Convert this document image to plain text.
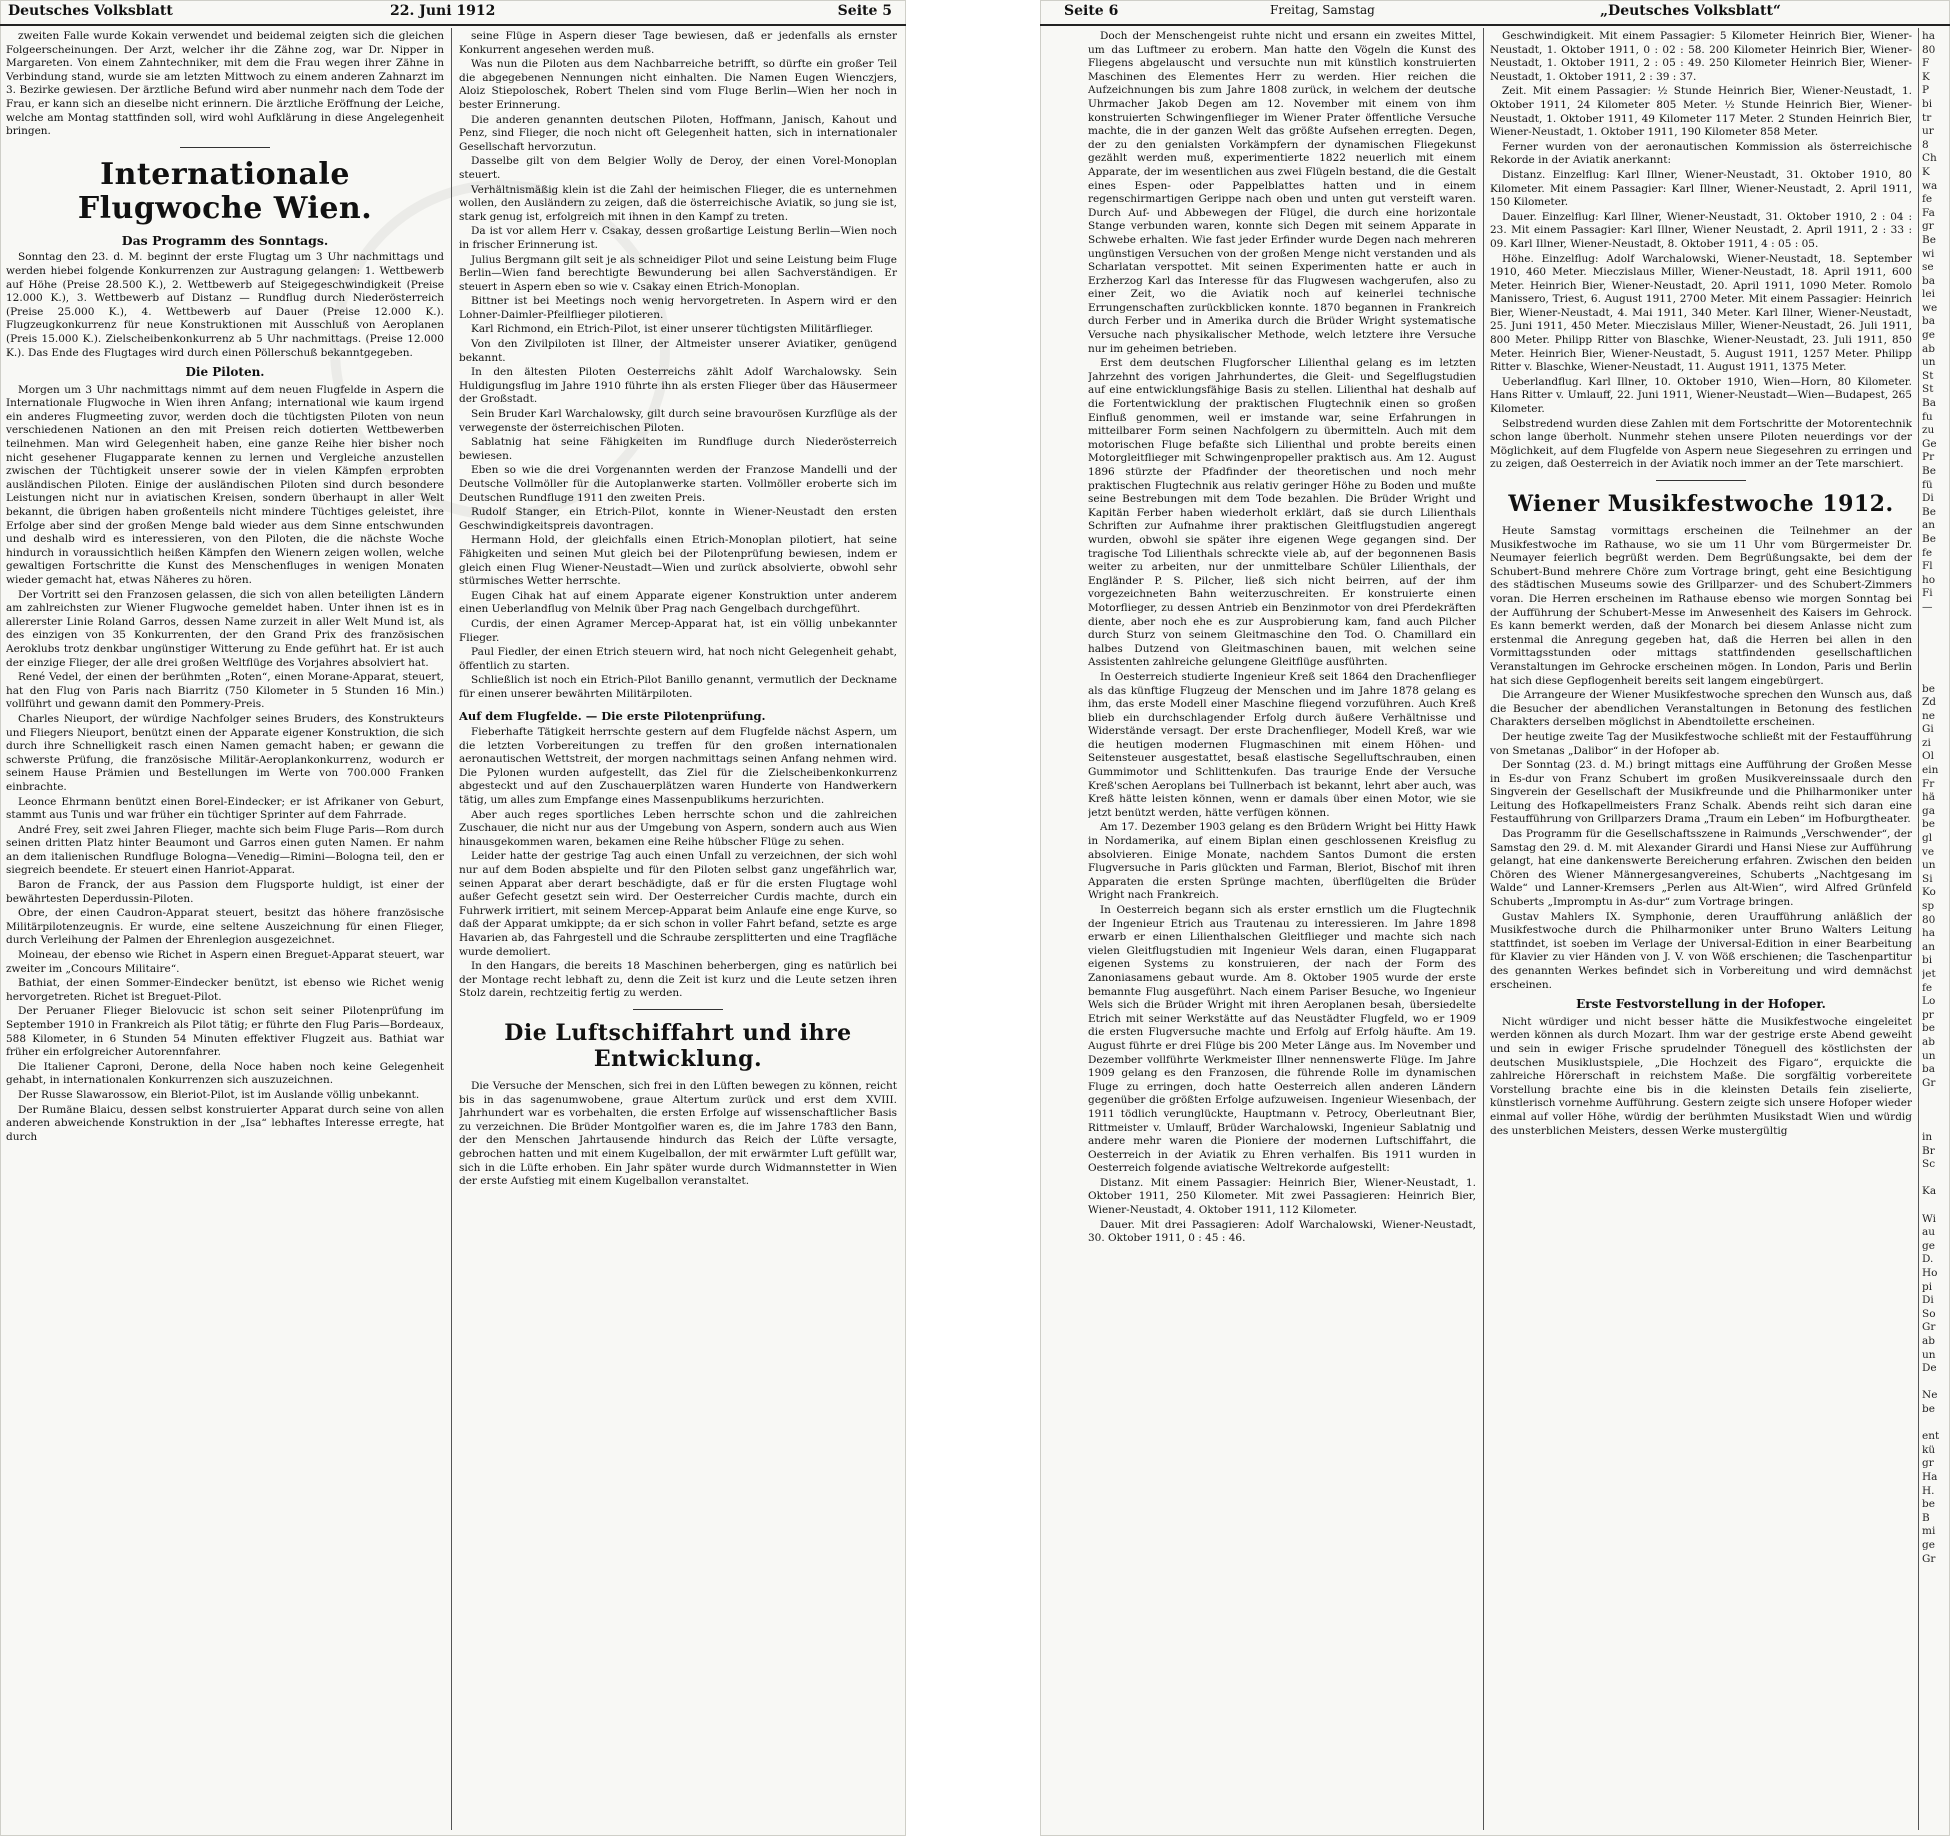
Deutsches Volksblatt	22. Juni 1912	Seite 5

zweiten Falle wurde Kokain verwendet und beidemal zeigten sich die gleichen Folgeerscheinungen. Der Arzt, welcher ihr die Zähne zog, war Dr. Nipper in Margareten. Von einem Zahntechniker, mit dem die Frau wegen ihrer Zähne in Verbindung stand, wurde sie am letzten Mittwoch zu einem anderen Zahnarzt im 3. Bezirke gewiesen. Der ärztliche Befund wird aber nunmehr nach dem Tode der Frau, er kann sich an dieselbe nicht erinnern. Die ärztliche Eröffnung der Leiche, welche am Montag stattfinden soll, wird wohl Aufklärung in diese Angelegenheit bringen.

Internationale Flugwoche Wien.
Das Programm des Sonntags.

Sonntag den 23. d. M. beginnt der erste Flugtag um 3 Uhr nachmittags und werden hiebei folgende Konkurrenzen zur Austragung gelangen: 1. Wettbewerb auf Höhe (Preise 28.500 K.), 2. Wettbewerb auf Steigegeschwindigkeit (Preise 12.000 K.), 3. Wettbewerb auf Distanz — Rundflug durch Niederösterreich (Preise 25.000 K.), 4. Wettbewerb auf Dauer (Preise 12.000 K.). Flugzeugkonkurrenz für neue Konstruktionen mit Ausschluß von Aeroplanen (Preis 15.000 K.). Zielscheibenkonkurrenz ab 5 Uhr nachmittags. (Preise 12.000 K.). Das Ende des Flugtages wird durch einen Pöllerschuß bekanntgegeben.

Die Piloten.

Morgen um 3 Uhr nachmittags nimmt auf dem neuen Flugfelde in Aspern die Internationale Flugwoche in Wien ihren Anfang; international wie kaum irgend ein anderes Flugmeeting zuvor, werden doch die tüchtigsten Piloten von neun verschiedenen Nationen an den mit Preisen reich dotierten Wettbewerben teilnehmen. Man wird Gelegenheit haben, eine ganze Reihe hier bisher noch nicht gesehener Flugapparate kennen zu lernen und Vergleiche anzustellen zwischen der Tüchtigkeit unserer sowie der in vielen Kämpfen erprobten ausländischen Piloten. Einige der ausländischen Piloten sind durch besondere Leistungen nicht nur in aviatischen Kreisen, sondern überhaupt in aller Welt bekannt, die übrigen haben großenteils nicht mindere Tüchtiges geleistet, ihre Erfolge aber sind der großen Menge bald wieder aus dem Sinne entschwunden und deshalb wird es interessieren, von den Piloten, die die nächste Woche hindurch in voraussichtlich heißen Kämpfen den Wienern zeigen wollen, welche gewaltigen Fortschritte die Kunst des Menschenfluges in wenigen Monaten wieder gemacht hat, etwas Näheres zu hören.

Der Vortritt sei den Franzosen gelassen, die sich von allen beteiligten Ländern am zahlreichsten zur Wiener Flugwoche gemeldet haben. Unter ihnen ist es in allererster Linie Roland Garros, dessen Name zurzeit in aller Welt Mund ist, als des einzigen von 35 Konkurrenten, der den Grand Prix des französischen Aeroklubs trotz denkbar ungünstiger Witterung zu Ende geführt hat. Er ist auch der einzige Flieger, der alle drei großen Weltflüge des Vorjahres absolviert hat.

René Vedel, der einen der berühmten „Roten“, einen Morane-Apparat, steuert, hat den Flug von Paris nach Biarritz (750 Kilometer in 5 Stunden 16 Min.) vollführt und gewann damit den Pommery-Preis.

Charles Nieuport, der würdige Nachfolger seines Bruders, des Konstrukteurs und Fliegers Nieuport, benützt einen der Apparate eigener Konstruktion, die sich durch ihre Schnelligkeit rasch einen Namen gemacht haben; er gewann die schwerste Prüfung, die französische Militär-Aeroplankonkurrenz, wodurch er seinem Hause Prämien und Bestellungen im Werte von 700.000 Franken einbrachte.

Leonce Ehrmann benützt einen Borel-Eindecker; er ist Afrikaner von Geburt, stammt aus Tunis und war früher ein tüchtiger Sprinter auf dem Fahrrade.

André Frey, seit zwei Jahren Flieger, machte sich beim Fluge Paris—Rom durch seinen dritten Platz hinter Beaumont und Garros einen guten Namen. Er nahm an dem italienischen Rundfluge Bologna—Venedig—Rimini—Bologna teil, den er siegreich beendete. Er steuert einen Hanriot-Apparat.

Baron de Franck, der aus Passion dem Flugsporte huldigt, ist einer der bewährtesten Deperdussin-Piloten.

Obre, der einen Caudron-Apparat steuert, besitzt das höhere französische Militärpilotenzeugnis. Er wurde, eine seltene Auszeichnung für einen Flieger, durch Verleihung der Palmen der Ehrenlegion ausgezeichnet.

Moineau, der ebenso wie Richet in Aspern einen Breguet-Apparat steuert, war zweiter im „Concours Militaire“.

Bathiat, der einen Sommer-Eindecker benützt, ist ebenso wie Richet wenig hervorgetreten. Richet ist Breguet-Pilot.

Der Peruaner Flieger Bielovucic ist schon seit seiner Pilotenprüfung im September 1910 in Frankreich als Pilot tätig; er führte den Flug Paris—Bordeaux, 588 Kilometer, in 6 Stunden 54 Minuten effektiver Flugzeit aus. Bathiat war früher ein erfolgreicher Autorennfahrer.

Die Italiener Caproni, Derone, della Noce haben noch keine Gelegenheit gehabt, in internationalen Konkurrenzen sich auszuzeichnen.

Der Russe Slawarossow, ein Bleriot-Pilot, ist im Auslande völlig unbekannt.

Der Rumäne Blaicu, dessen selbst konstruierter Apparat durch seine von allen anderen abweichende Konstruktion in der „Isa“ lebhaftes Interesse erregte, hat durch

seine Flüge in Aspern dieser Tage bewiesen, daß er jedenfalls als ernster Konkurrent angesehen werden muß.

Was nun die Piloten aus dem Nachbarreiche betrifft, so dürfte ein großer Teil die abgegebenen Nennungen nicht einhalten. Die Namen Eugen Wienczjers, Aloiz Stiepoloschek, Robert Thelen sind vom Fluge Berlin—Wien her noch in bester Erinnerung.

Die anderen genannten deutschen Piloten, Hoffmann, Janisch, Kahout und Penz, sind Flieger, die noch nicht oft Gelegenheit hatten, sich in internationaler Gesellschaft hervorzutun.

Dasselbe gilt von dem Belgier Wolly de Deroy, der einen Vorel-Monoplan steuert.

Verhältnismäßig klein ist die Zahl der heimischen Flieger, die es unternehmen wollen, den Ausländern zu zeigen, daß die österreichische Aviatik, so jung sie ist, stark genug ist, erfolgreich mit ihnen in den Kampf zu treten.

Da ist vor allem Herr v. Csakay, dessen großartige Leistung Berlin—Wien noch in frischer Erinnerung ist.

Julius Bergmann gilt seit je als schneidiger Pilot und seine Leistung beim Fluge Berlin—Wien fand berechtigte Bewunderung bei allen Sachverständigen. Er steuert in Aspern eben so wie v. Csakay einen Etrich-Monoplan.

Bittner ist bei Meetings noch wenig hervorgetreten. In Aspern wird er den Lohner-Daimler-Pfeilflieger pilotieren.

Karl Richmond, ein Etrich-Pilot, ist einer unserer tüchtigsten Militärflieger.

Von den Zivilpiloten ist Illner, der Altmeister unserer Aviatiker, genügend bekannt.

In den ältesten Piloten Oesterreichs zählt Adolf Warchalowsky. Sein Huldigungsflug im Jahre 1910 führte ihn als ersten Flieger über das Häusermeer der Großstadt.

Sein Bruder Karl Warchalowsky, gilt durch seine bravourösen Kurzflüge als der verwegenste der österreichischen Piloten.

Sablatnig hat seine Fähigkeiten im Rundfluge durch Niederösterreich bewiesen.

Eben so wie die drei Vorgenannten werden der Franzose Mandelli und der Deutsche Vollmöller für die Autoplanwerke starten. Vollmöller eroberte sich im Deutschen Rundfluge 1911 den zweiten Preis.

Rudolf Stanger, ein Etrich-Pilot, konnte in Wiener-Neustadt den ersten Geschwindigkeitspreis davontragen.

Hermann Hold, der gleichfalls einen Etrich-Monoplan pilotiert, hat seine Fähigkeiten und seinen Mut gleich bei der Pilotenprüfung bewiesen, indem er gleich einen Flug Wiener-Neustadt—Wien und zurück absolvierte, obwohl sehr stürmisches Wetter herrschte.

Eugen Cihak hat auf einem Apparate eigener Konstruktion unter anderem einen Ueberlandflug von Melnik über Prag nach Gengelbach durchgeführt.

Curdis, der einen Agramer Mercep-Apparat hat, ist ein völlig unbekannter Flieger.

Paul Fiedler, der einen Etrich steuern wird, hat noch nicht Gelegenheit gehabt, öffentlich zu starten.

Schließlich ist noch ein Etrich-Pilot Banillo genannt, vermutlich der Deckname für einen unserer bewährten Militärpiloten.

Auf dem Flugfelde. — Die erste Pilotenprüfung.

Fieberhafte Tätigkeit herrschte gestern auf dem Flugfelde nächst Aspern, um die letzten Vorbereitungen zu treffen für den großen internationalen aeronautischen Wettstreit, der morgen nachmittags seinen Anfang nehmen wird. Die Pylonen wurden aufgestellt, das Ziel für die Zielscheibenkonkurrenz abgesteckt und auf den Zuschauerplätzen waren Hunderte von Handwerkern tätig, um alles zum Empfange eines Massenpublikums herzurichten.

Aber auch reges sportliches Leben herrschte schon und die zahlreichen Zuschauer, die nicht nur aus der Umgebung von Aspern, sondern auch aus Wien hinausgekommen waren, bekamen eine Reihe hübscher Flüge zu sehen.

Leider hatte der gestrige Tag auch einen Unfall zu verzeichnen, der sich wohl nur auf dem Boden abspielte und für den Piloten selbst ganz ungefährlich war, seinen Apparat aber derart beschädigte, daß er für die ersten Flugtage wohl außer Gefecht gesetzt sein wird. Der Oesterreicher Curdis machte, durch ein Fuhrwerk irritiert, mit seinem Mercep-Apparat beim Anlaufe eine enge Kurve, so daß der Apparat umkippte; da er sich schon in voller Fahrt befand, setzte es arge Havarien ab, das Fahrgestell und die Schraube zersplitterten und eine Tragfläche wurde demoliert.

In den Hangars, die bereits 18 Maschinen beherbergen, ging es natürlich bei der Montage recht lebhaft zu, denn die Zeit ist kurz und die Leute setzen ihren Stolz darein, rechtzeitig fertig zu werden.

Die Luftschiffahrt und ihre Entwicklung.

Die Versuche der Menschen, sich frei in den Lüften bewegen zu können, reicht bis in das sagenumwobene, graue Altertum zurück und erst dem XVIII. Jahrhundert war es vorbehalten, die ersten Erfolge auf wissenschaftlicher Basis zu verzeichnen. Die Brüder Montgolfier waren es, die im Jahre 1783 den Bann, der den Menschen Jahrtausende hindurch das Reich der Lüfte versagte, gebrochen hatten und mit einem Kugelballon, der mit erwärmter Luft gefüllt war, sich in die Lüfte erhoben. Ein Jahr später wurde durch Widmannstetter in Wien der erste Aufstieg mit einem Kugelballon veranstaltet.

Seite 6	Freitag, Samstag	„Deutsches Volksblatt“

Doch der Menschengeist ruhte nicht und ersann ein zweites Mittel, um das Luftmeer zu erobern. Man hatte den Vögeln die Kunst des Fliegens abgelauscht und versuchte nun mit künstlich konstruierten Maschinen des Elementes Herr zu werden. Hier reichen die Aufzeichnungen bis zum Jahre 1808 zurück, in welchem der deutsche Uhrmacher Jakob Degen am 12. November mit einem von ihm konstruierten Schwingenflieger im Wiener Prater öffentliche Versuche machte, die in der ganzen Welt das größte Aufsehen erregten. Degen, der zu den genialsten Vorkämpfern der dynamischen Fliegekunst gezählt werden muß, experimentierte 1822 neuerlich mit einem Apparate, der im wesentlichen aus zwei Flügeln bestand, die die Gestalt eines Espen- oder Pappelblattes hatten und in einem regenschirmartigen Gerippe nach oben und unten gut versteift waren. Durch Auf- und Abbewegen der Flügel, die durch eine horizontale Stange verbunden waren, konnte sich Degen mit seinem Apparate in Schwebe erhalten. Wie fast jeder Erfinder wurde Degen nach mehreren ungünstigen Versuchen von der großen Menge nicht verstanden und als Scharlatan verspottet. Mit seinen Experimenten hatte er auch in Erzherzog Karl das Interesse für das Flugwesen wachgerufen, also zu einer Zeit, wo die Aviatik noch auf keinerlei technische Errungenschaften zurückblicken konnte. 1870 begannen in Frankreich durch Ferber und in Amerika durch die Brüder Wright systematische Versuche nach physikalischer Methode, welch letztere ihre Versuche nur im geheimen betrieben.

Erst dem deutschen Flugforscher Lilienthal gelang es im letzten Jahrzehnt des vorigen Jahrhundertes, die Gleit- und Segelflugstudien auf eine entwicklungsfähige Basis zu stellen. Lilienthal hat deshalb auf die Fortentwicklung der praktischen Flugtechnik einen so großen Einfluß genommen, weil er imstande war, seine Erfahrungen in mitteilbarer Form seinen Nachfolgern zu übermitteln. Auch mit dem motorischen Fluge befaßte sich Lilienthal und probte bereits einen Motorgleitflieger mit Schwingenpropeller praktisch aus. Am 12. August 1896 stürzte der Pfadfinder der theoretischen und noch mehr praktischen Flugtechnik aus relativ geringer Höhe zu Boden und mußte seine Bestrebungen mit dem Tode bezahlen. Die Brüder Wright und Kapitän Ferber haben wiederholt erklärt, daß sie durch Lilienthals Schriften zur Aufnahme ihrer praktischen Gleitflugstudien angeregt wurden, obwohl sie später ihre eigenen Wege gegangen sind. Der tragische Tod Lilienthals schreckte viele ab, auf der begonnenen Basis weiter zu arbeiten, nur der unmittelbare Schüler Lilienthals, der Engländer P. S. Pilcher, ließ sich nicht beirren, auf der ihm vorgezeichneten Bahn weiterzuschreiten. Er konstruierte einen Motorflieger, zu dessen Antrieb ein Benzinmotor von drei Pferdekräften diente, aber noch ehe es zur Ausprobierung kam, fand auch Pilcher durch Sturz von seinem Gleitmaschine den Tod. O. Chamillard ein halbes Dutzend von Gleitmaschinen bauen, mit welchen seine Assistenten zahlreiche gelungene Gleitflüge ausführten.

In Oesterreich studierte Ingenieur Kreß seit 1864 den Drachenflieger als das künftige Flugzeug der Menschen und im Jahre 1878 gelang es ihm, das erste Modell einer Maschine fliegend vorzuführen. Auch Kreß blieb ein durchschlagender Erfolg durch äußere Verhältnisse und Widerstände versagt. Der erste Drachenflieger, Modell Kreß, war wie die heutigen modernen Flugmaschinen mit einem Höhen- und Seitensteuer ausgestattet, besaß elastische Segelluftschrauben, einen Gummimotor und Schlittenkufen. Das traurige Ende der Versuche Kreß'schen Aeroplans bei Tullnerbach ist bekannt, lehrt aber auch, was Kreß hätte leisten können, wenn er damals über einen Motor, wie sie jetzt benützt werden, hätte verfügen können.

Am 17. Dezember 1903 gelang es den Brüdern Wright bei Hitty Hawk in Nordamerika, auf einem Biplan einen geschlossenen Kreisflug zu absolvieren. Einige Monate, nachdem Santos Dumont die ersten Flugversuche in Paris glückten und Farman, Bleriot, Bischof mit ihren Apparaten die ersten Sprünge machten, überflügelten die Brüder Wright nach Frankreich.

In Oesterreich begann sich als erster ernstlich um die Flugtechnik der Ingenieur Etrich aus Trautenau zu interessieren. Im Jahre 1898 erwarb er einen Lilienthalschen Gleitflieger und machte sich nach vielen Gleitflugstudien mit Ingenieur Wels daran, einen Flugapparat eigenen Systems zu konstruieren, der nach der Form des Zanoniasamens gebaut wurde. Am 8. Oktober 1905 wurde der erste bemannte Flug ausgeführt. Nach einem Pariser Besuche, wo Ingenieur Wels sich die Brüder Wright mit ihren Aeroplanen besah, übersiedelte Etrich mit seiner Werkstätte auf das Neustädter Flugfeld, wo er 1909 die ersten Flugversuche machte und Erfolg auf Erfolg häufte. Am 19. August führte er drei Flüge bis 200 Meter Länge aus. Im November und Dezember vollführte Werkmeister Illner nennenswerte Flüge. Im Jahre 1909 gelang es den Franzosen, die führende Rolle im dynamischen Fluge zu erringen, doch hatte Oesterreich allen anderen Ländern gegenüber die größten Erfolge aufzuweisen. Ingenieur Wiesenbach, der 1911 tödlich verunglückte, Hauptmann v. Petrocy, Oberleutnant Bier, Rittmeister v. Umlauff, Brüder Warchalowski, Ingenieur Sablatnig und andere mehr waren die Pioniere der modernen Luftschiffahrt, die Oesterreich in der Aviatik zu Ehren verhalfen. Bis 1911 wurden in Oesterreich folgende aviatische Weltrekorde aufgestellt:

Distanz. Mit einem Passagier: Heinrich Bier, Wiener-Neustadt, 1. Oktober 1911, 250 Kilometer. Mit zwei Passagieren: Heinrich Bier, Wiener-Neustadt, 4. Oktober 1911, 112 Kilometer.

Dauer. Mit drei Passagieren: Adolf Warchalowski, Wiener-Neustadt, 30. Oktober 1911, 0 : 45 : 46.

Geschwindigkeit. Mit einem Passagier: 5 Kilometer Heinrich Bier, Wiener-Neustadt, 1. Oktober 1911, 0 : 02 : 58. 200 Kilometer Heinrich Bier, Wiener-Neustadt, 1. Oktober 1911, 2 : 05 : 49. 250 Kilometer Heinrich Bier, Wiener-Neustadt, 1. Oktober 1911, 2 : 39 : 37.

Zeit. Mit einem Passagier: ½ Stunde Heinrich Bier, Wiener-Neustadt, 1. Oktober 1911, 24 Kilometer 805 Meter. ½ Stunde Heinrich Bier, Wiener-Neustadt, 1. Oktober 1911, 49 Kilometer 117 Meter. 2 Stunden Heinrich Bier, Wiener-Neustadt, 1. Oktober 1911, 190 Kilometer 858 Meter.

Ferner wurden von der aeronautischen Kommission als österreichische Rekorde in der Aviatik anerkannt:

Distanz. Einzelflug: Karl Illner, Wiener-Neustadt, 31. Oktober 1910, 80 Kilometer. Mit einem Passagier: Karl Illner, Wiener-Neustadt, 2. April 1911, 150 Kilometer.

Dauer. Einzelflug: Karl Illner, Wiener-Neustadt, 31. Oktober 1910, 2 : 04 : 23. Mit einem Passagier: Karl Illner, Wiener Neustadt, 2. April 1911, 2 : 33 : 09. Karl Illner, Wiener-Neustadt, 8. Oktober 1911, 4 : 05 : 05.

Höhe. Einzelflug: Adolf Warchalowski, Wiener-Neustadt, 18. September 1910, 460 Meter. Mieczislaus Miller, Wiener-Neustadt, 18. April 1911, 600 Meter. Heinrich Bier, Wiener-Neustadt, 20. April 1911, 1090 Meter. Romolo Manissero, Triest, 6. August 1911, 2700 Meter. Mit einem Passagier: Heinrich Bier, Wiener-Neustadt, 4. Mai 1911, 340 Meter. Karl Illner, Wiener-Neustadt, 25. Juni 1911, 450 Meter. Mieczislaus Miller, Wiener-Neustadt, 26. Juli 1911, 800 Meter. Philipp Ritter von Blaschke, Wiener-Neustadt, 23. Juli 1911, 850 Meter. Heinrich Bier, Wiener-Neustadt, 5. August 1911, 1257 Meter. Philipp Ritter v. Blaschke, Wiener-Neustadt, 11. August 1911, 1375 Meter.

Ueberlandflug. Karl Illner, 10. Oktober 1910, Wien—Horn, 80 Kilometer. Hans Ritter v. Umlauff, 22. Juni 1911, Wiener-Neustadt—Wien—Budapest, 265 Kilometer.

Selbstredend wurden diese Zahlen mit dem Fortschritte der Motorentechnik schon lange überholt. Nunmehr stehen unsere Piloten neuerdings vor der Möglichkeit, auf dem Flugfelde von Aspern neue Siegesehren zu erringen und zu zeigen, daß Oesterreich in der Aviatik noch immer an der Tete marschiert.

Wiener Musikfestwoche 1912.

Heute Samstag vormittags erscheinen die Teilnehmer an der Musikfestwoche im Rathause, wo sie um 11 Uhr vom Bürgermeister Dr. Neumayer feierlich begrüßt werden. Dem Begrüßungsakte, bei dem der Schubert-Bund mehrere Chöre zum Vortrage bringt, geht eine Besichtigung des städtischen Museums sowie des Grillparzer- und des Schubert-Zimmers voran. Die Herren erscheinen im Rathause ebenso wie morgen Sonntag bei der Aufführung der Schubert-Messe im Anwesenheit des Kaisers im Gehrock. Es kann bemerkt werden, daß der Monarch bei diesem Anlasse nicht zum erstenmal die Anregung gegeben hat, daß die Herren bei allen in den Vormittagsstunden oder mittags stattfindenden gesellschaftlichen Veranstaltungen im Gehrocke erscheinen mögen. In London, Paris und Berlin hat sich diese Gepflogenheit bereits seit langem eingebürgert.

Die Arrangeure der Wiener Musikfestwoche sprechen den Wunsch aus, daß die Besucher der abendlichen Veranstaltungen in Betonung des festlichen Charakters derselben möglichst in Abendtoilette erscheinen.

Der heutige zweite Tag der Musikfestwoche schließt mit der Festaufführung von Smetanas „Dalibor“ in der Hofoper ab.

Der Sonntag (23. d. M.) bringt mittags eine Aufführung der Großen Messe in Es-dur von Franz Schubert im großen Musikvereinssaale durch den Singverein der Gesellschaft der Musikfreunde und die Philharmoniker unter Leitung des Hofkapellmeisters Franz Schalk. Abends reiht sich daran eine Festaufführung von Grillparzers Drama „Traum ein Leben“ im Hofburgtheater.

Das Programm für die Gesellschaftsszene in Raimunds „Verschwender“, der Samstag den 29. d. M. mit Alexander Girardi und Hansi Niese zur Aufführung gelangt, hat eine dankenswerte Bereicherung erfahren. Zwischen den beiden Chören des Wiener Männergesangvereines, Schuberts „Nachtgesang im Walde“ und Lanner-Kremsers „Perlen aus Alt-Wien“, wird Alfred Grünfeld Schuberts „Impromptu in As-dur“ zum Vortrage bringen.

Gustav Mahlers IX. Symphonie, deren Uraufführung anläßlich der Musikfestwoche durch die Philharmoniker unter Bruno Walters Leitung stattfindet, ist soeben im Verlage der Universal-Edition in einer Bearbeitung für Klavier zu vier Händen von J. V. von Wöß erschienen; die Taschenpartitur des genannten Werkes befindet sich in Vorbereitung und wird demnächst erscheinen.

Erste Festvorstellung in der Hofoper.

Nicht würdiger und nicht besser hätte die Musikfestwoche eingeleitet werden können als durch Mozart. Ihm war der gestrige erste Abend geweiht und sein in ewiger Frische sprudelnder Töneguell des köstlichsten der deutschen Musiklustspiele, „Die Hochzeit des Figaro“, erquickte die zahlreiche Hörerschaft in reichstem Maße. Die sorgfältig vorbereitete Vorstellung brachte eine bis in die kleinsten Details fein ziselierte, künstlerisch vornehme Aufführung. Gestern zeigte sich unsere Hofoper wieder einmal auf voller Höhe, würdig der berühmten Musikstadt Wien und würdig des unsterblichen Meisters, dessen Werke mustergültig

ha
80
F
K
P
bi
tr
ur
8
Ch
K
wa
fe
Fa
gr
Be
wi
se
ba
lei
we
ba
ge
ab
un
St
St
Ba
fu
zu
Ge
Pr
Be
fü
Di
Be
an
Be
fe
Fl
ho
Fi
—
be
Zd
ne
Gi
zi
Ol
ein
Fr
hä
ga
be
gl
ve
un
Si
Ko
sp
80
ha
an
bi
jet
fe
Lo
pr
be
ab
un
ba
Gr
in
Br
Sc
Ka
Wi
au
ge
D.
Ho
pi
Di
So
Gr
ab
un
De
Ne
be
ent
kü
gr
Ha
H.
be
B
mi
ge
Gr
